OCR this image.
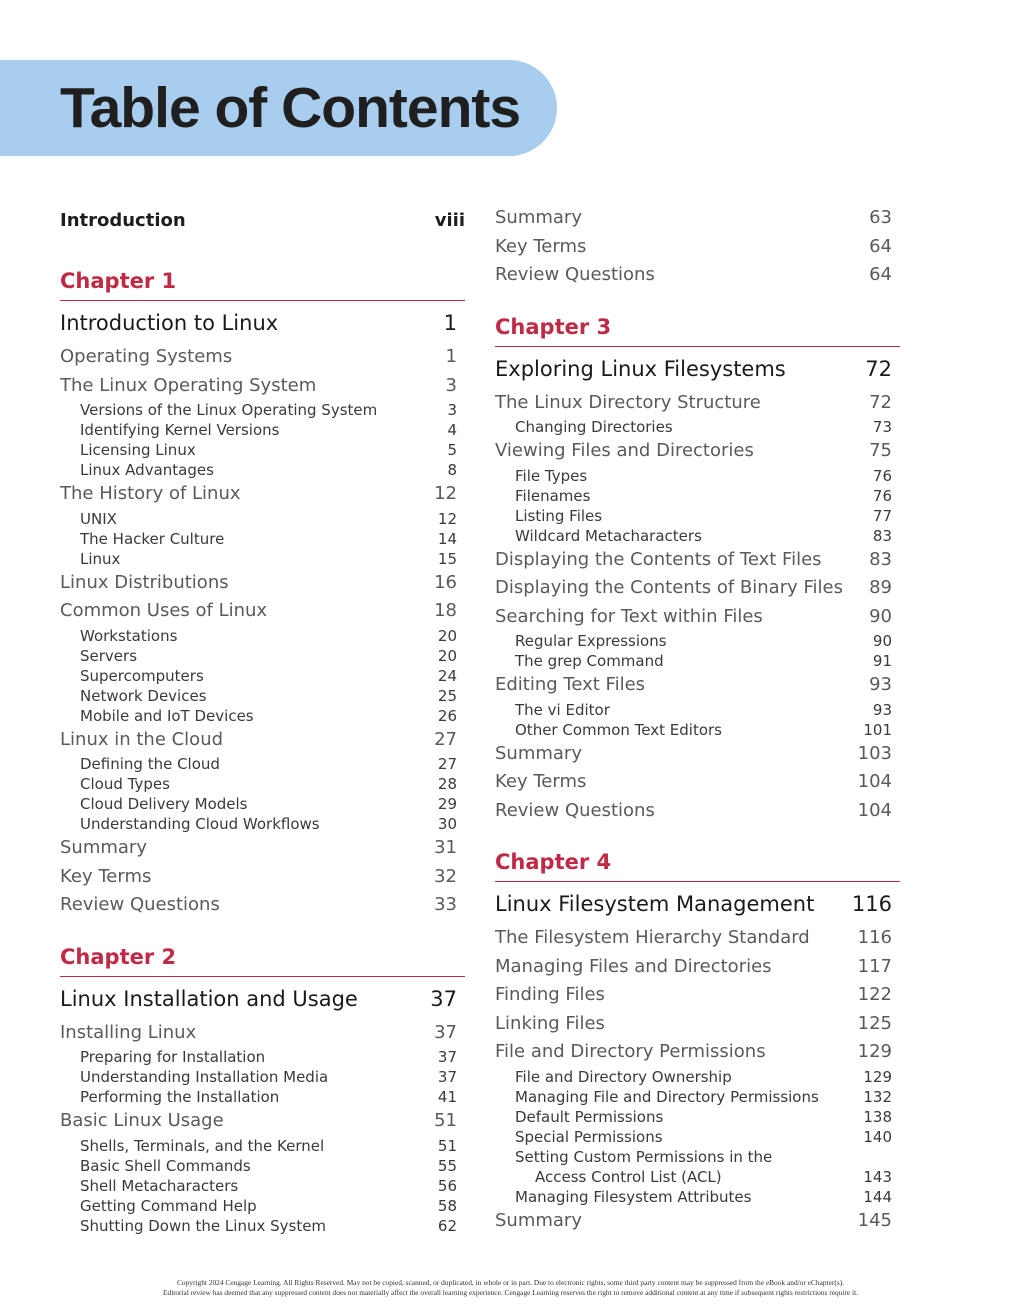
Table of Contents
Introduction	viii
Chapter 1
Introduction to Linux	1
Operating Systems	1
The Linux Operating System	3
Versions of the Linux Operating System	3
Identifying Kernel Versions	4
Licensing Linux	5
Linux Advantages	8
The History of Linux	12
UNIX	12
The Hacker Culture	14
Linux	15
Linux Distributions	16
Common Uses of Linux	18
Workstations	20
Servers	20
Supercomputers	24
Network Devices	25
Mobile and IoT Devices	26
Linux in the Cloud	27
Defining the Cloud	27
Cloud Types	28
Cloud Delivery Models	29
Understanding Cloud Workflows	30
Summary	31
Key Terms	32
Review Questions	33
Chapter 2
Linux Installation and Usage	37
Installing Linux	37
Preparing for Installation	37
Understanding Installation Media	37
Performing the Installation	41
Basic Linux Usage	51
Shells, Terminals, and the Kernel	51
Basic Shell Commands	55
Shell Metacharacters	56
Getting Command Help	58
Shutting Down the Linux System	62
Summary	63
Key Terms	64
Review Questions	64
Chapter 3
Exploring Linux Filesystems	72
The Linux Directory Structure	72
Changing Directories	73
Viewing Files and Directories	75
File Types	76
Filenames	76
Listing Files	77
Wildcard Metacharacters	83
Displaying the Contents of Text Files	83
Displaying the Contents of Binary Files 89
Searching for Text within Files	90
Regular Expressions	90
The grep Command	91
Editing Text Files	93
The vi Editor	93
Other Common Text Editors	101
Summary	103
Key Terms	104
Review Questions	104
Chapter 4
Linux Filesystem Management 116
The Filesystem Hierarchy Standard	116
Managing Files and Directories	117
Finding Files	122
Linking Files	125
File and Directory Permissions	129
File and Directory Ownership	129
Managing File and Directory Permissions	132
Default Permissions	138
Special Permissions	140
Setting Custom Permissions in the
Access Control List (ACL)	143
Managing Filesystem Attributes	144
Summary	145
Copyright 2024 Cengage Learning. All Rights Reserved. May not be copied, scanned, or duplicated, in whole or in part. Due to electronic rights, some third party content may be suppressed from the eBook and/or eChapter(s).
Editorial review has deemed that any suppressed content does not materially affect the overall learning experience. Cengage Learning reserves the right to remove additional content at any time if subsequent rights restrictions require it.
